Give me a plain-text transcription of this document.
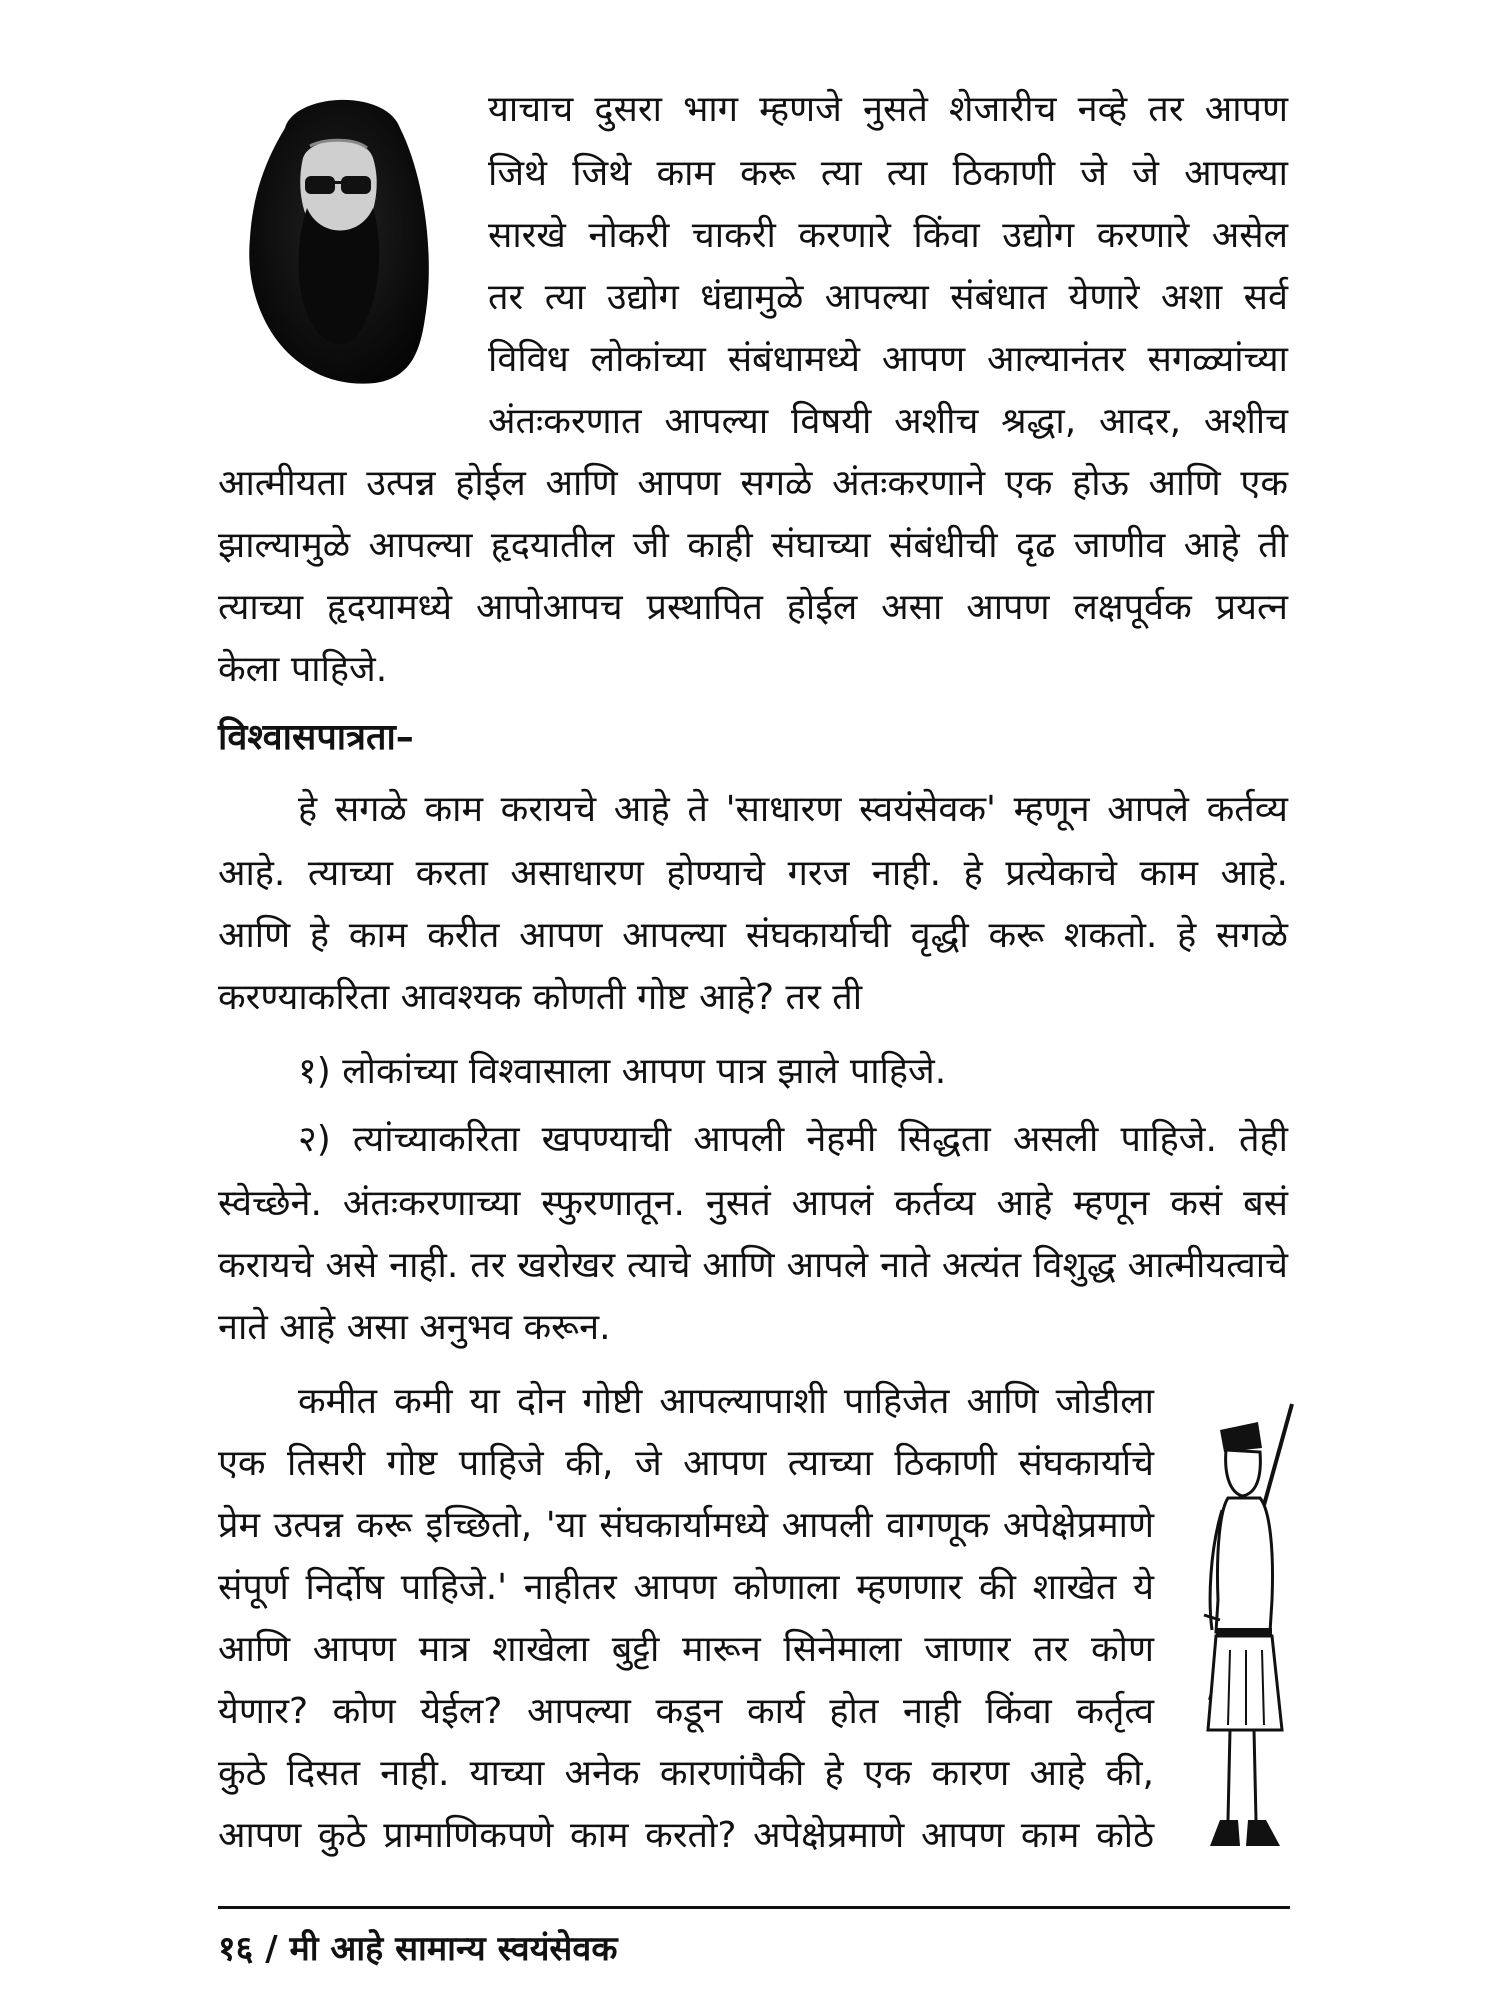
याचाच दुसरा भाग म्हणजे नुसते शेजारीच नव्हे तर आपण
जिथे जिथे काम करू त्या त्या ठिकाणी जे जे आपल्या
सारखे नोकरी चाकरी करणारे किंवा उद्योग करणारे असेल
तर त्या उद्योग धंद्यामुळे आपल्या संबंधात येणारे अशा सर्व
विविध लोकांच्या संबंधामध्ये आपण आल्यानंतर सगळ्यांच्या
अंतःकरणात आपल्या विषयी अशीच श्रद्धा, आदर, अशीच
आत्मीयता उत्पन्न होईल आणि आपण सगळे अंतःकरणाने एक होऊ आणि एक
झाल्यामुळे आपल्या हृदयातील जी काही संघाच्या संबंधीची दृढ जाणीव आहे ती
त्याच्या हृदयामध्ये आपोआपच प्रस्थापित होईल असा आपण लक्षपूर्वक प्रयत्न
केला पाहिजे.
विश्वासपात्रता–
हे सगळे काम करायचे आहे ते 'साधारण स्वयंसेवक' म्हणून आपले कर्तव्य
आहे. त्याच्या करता असाधारण होण्याचे गरज नाही. हे प्रत्येकाचे काम आहे.
आणि हे काम करीत आपण आपल्या संघकार्याची वृद्धी करू शकतो. हे सगळे
करण्याकरिता आवश्यक कोणती गोष्ट आहे? तर ती
१) लोकांच्या विश्वासाला आपण पात्र झाले पाहिजे.
२) त्यांच्याकरिता खपण्याची आपली नेहमी सिद्धता असली पाहिजे. तेही
स्वेच्छेने. अंतःकरणाच्या स्फुरणातून. नुसतं आपलं कर्तव्य आहे म्हणून कसं बसं
करायचे असे नाही. तर खरोखर त्याचे आणि आपले नाते अत्यंत विशुद्ध आत्मीयत्वाचे
नाते आहे असा अनुभव करून.
कमीत कमी या दोन गोष्टी आपल्यापाशी पाहिजेत आणि जोडीला
एक तिसरी गोष्ट पाहिजे की, जे आपण त्याच्या ठिकाणी संघकार्याचे
प्रेम उत्पन्न करू इच्छितो, 'या संघकार्यामध्ये आपली वागणूक अपेक्षेप्रमाणे
संपूर्ण निर्दोष पाहिजे.' नाहीतर आपण कोणाला म्हणणार की शाखेत ये
आणि आपण मात्र शाखेला बुट्टी मारून सिनेमाला जाणार तर कोण
येणार? कोण येईल? आपल्या कडून कार्य होत नाही किंवा कर्तृत्व
कुठे दिसत नाही. याच्या अनेक कारणांपैकी हे एक कारण आहे की,
आपण कुठे प्रामाणिकपणे काम करतो? अपेक्षेप्रमाणे आपण काम कोठे
१६ / मी आहे सामान्य स्वयंसेवक
